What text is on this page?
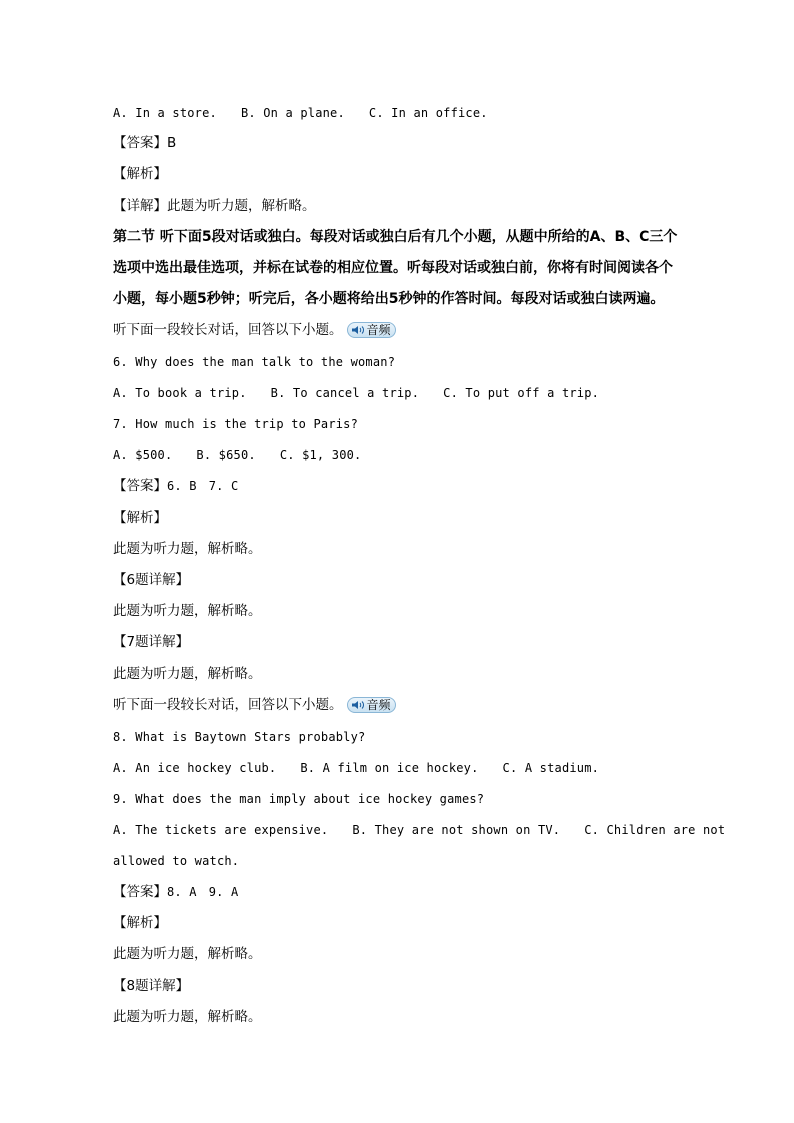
A. In a store. B. On a plane. C. In an office.
【答案】B
【解析】
【详解】此题为听力题，解析略。
第二节 听下面5段对话或独白。每段对话或独白后有几个小题，从题中所给的A、B、C三个
选项中选出最佳选项，并标在试卷的相应位置。听每段对话或独白前，你将有时间阅读各个
小题，每小题5秒钟；听完后，各小题将给出5秒钟的作答时间。每段对话或独白读两遍。
听下面一段较长对话，回答以下小题。 音频
6. Why does the man talk to the woman?
A. To book a trip. B. To cancel a trip. C. To put off a trip.
7. How much is the trip to Paris?
A. $500. B. $650. C. $1, 300.
【答案】6. B 7. C
【解析】
此题为听力题，解析略。
【6题详解】
此题为听力题，解析略。
【7题详解】
此题为听力题，解析略。
听下面一段较长对话，回答以下小题。 音频
8. What is Baytown Stars probably?
A. An ice hockey club. B. A film on ice hockey. C. A stadium.
9. What does the man imply about ice hockey games?
A. The tickets are expensive. B. They are not shown on TV. C. Children are not
allowed to watch.
【答案】8. A 9. A
【解析】
此题为听力题，解析略。
【8题详解】
此题为听力题，解析略。
